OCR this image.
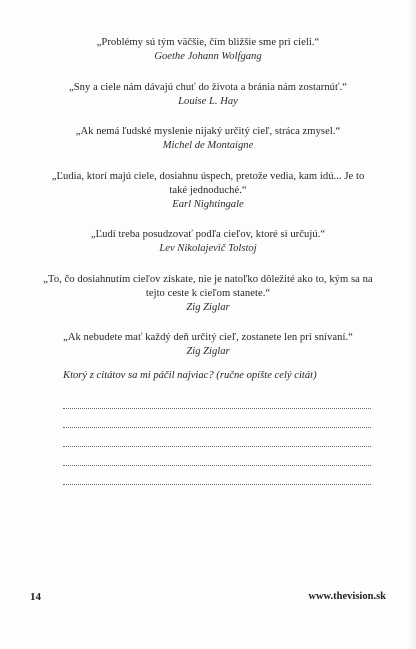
„Problémy sú tým väčšie, čím bližšie sme pri cieli.“
Goethe Johann Wolfgang
„Sny a ciele nám dávajú chuť do života a bránia nám zostarnúť.“
Louise L. Hay
„Ak nemá ľudské myslenie nijaký určitý cieľ, stráca zmysel.“
Michel de Montaigne
„Ľudia, ktorí majú ciele, dosiahnu úspech, pretože vedia, kam idú... Je to také jednoduché.“
Earl Nightingale
„Ľudí treba posudzovať podľa cieľov, ktoré si určujú.“
Lev Nikolajevič Tolstoj
„To, čo dosiahnutím cieľov získate, nie je natoľko dôležité ako to, kým sa na tejto ceste k cieľom stanete.“
Zig Ziglar
„Ak nebudete mať každý deň určitý cieľ, zostanete len pri snívaní.“
Zig Ziglar
Ktorý z citátov sa mi páčil najviac? (ručne opíšte celý citát)
14	www.thevision.sk
